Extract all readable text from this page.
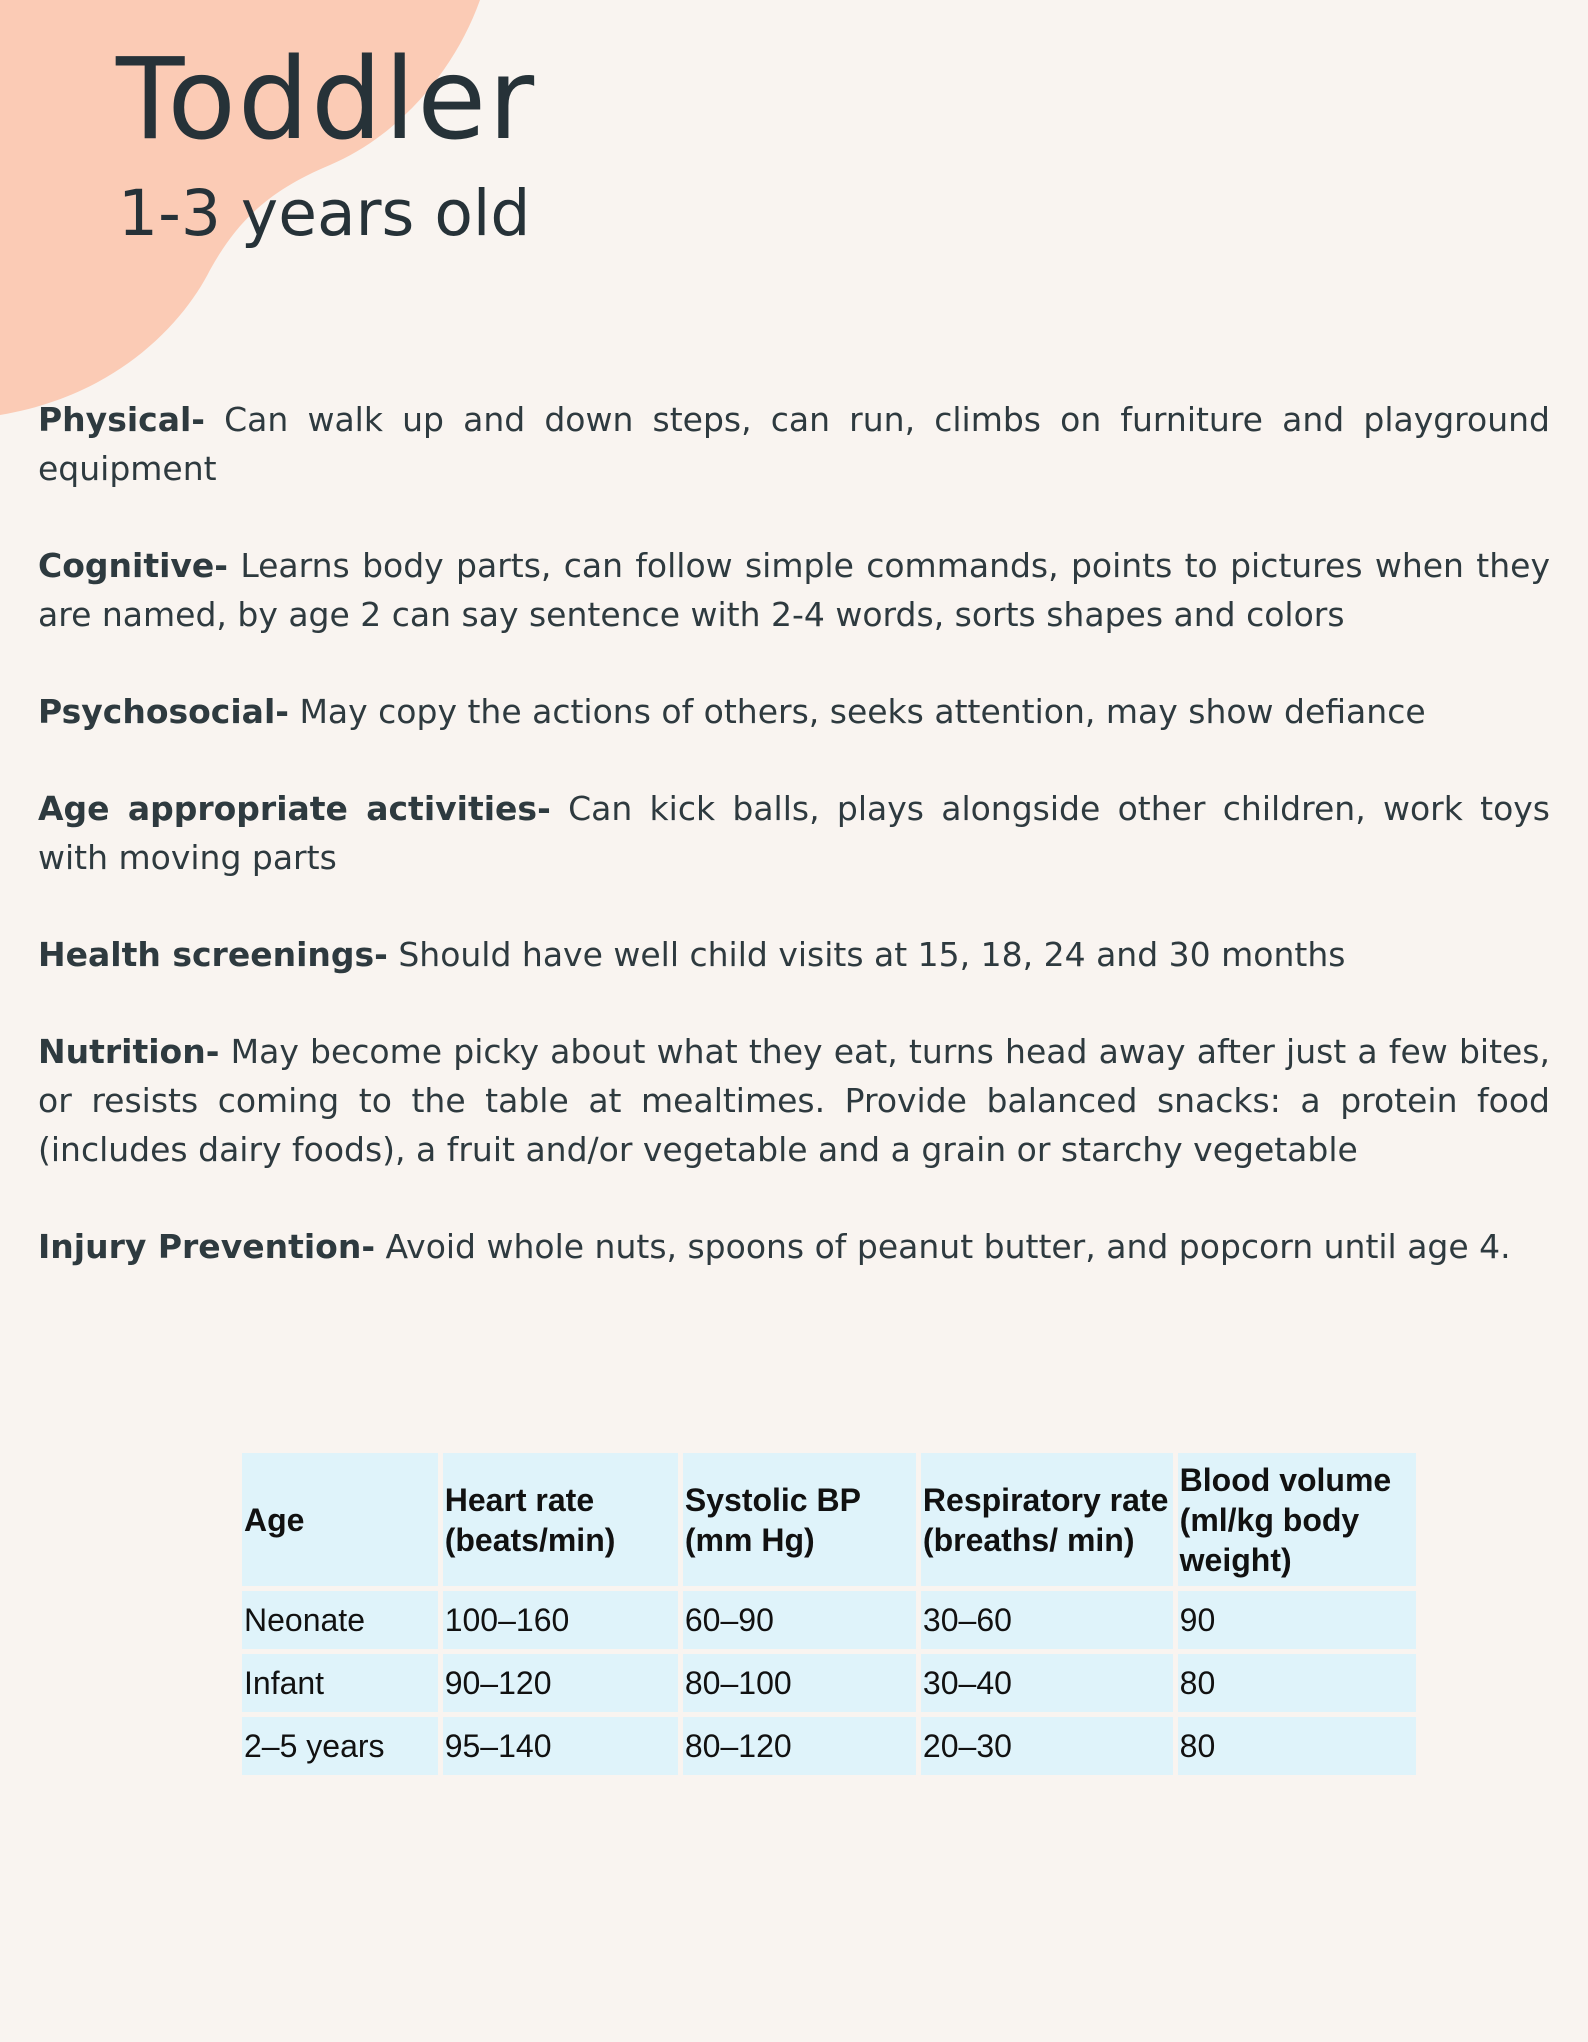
Toddler
1-3 years old

Physical- Can walk up and down steps, can run, climbs on furniture and playground equipment

Cognitive- Learns body parts, can follow simple commands, points to pictures when they are named, by age 2 can say sentence with 2-4 words, sorts shapes and colors

Psychosocial- May copy the actions of others, seeks attention, may show defiance

Age appropriate activities- Can kick balls, plays alongside other children, work toys with moving parts

Health screenings- Should have well child visits at 15, 18, 24 and 30 months

Nutrition- May become picky about what they eat, turns head away after just a few bites, or resists coming to the table at mealtimes. Provide balanced snacks: a protein food (includes dairy foods), a fruit and/or vegetable and a grain or starchy vegetable

Injury Prevention- Avoid whole nuts, spoons of peanut butter, and popcorn until age 4.

Age	Heart rate (beats/min)	Systolic BP (mm Hg)	Respiratory rate (breaths/ min)	Blood volume (ml/kg body weight)
Neonate	100–160	60–90	30–60	90
Infant	90–120	80–100	30–40	80
2–5 years	95–140	80–120	20–30	80
